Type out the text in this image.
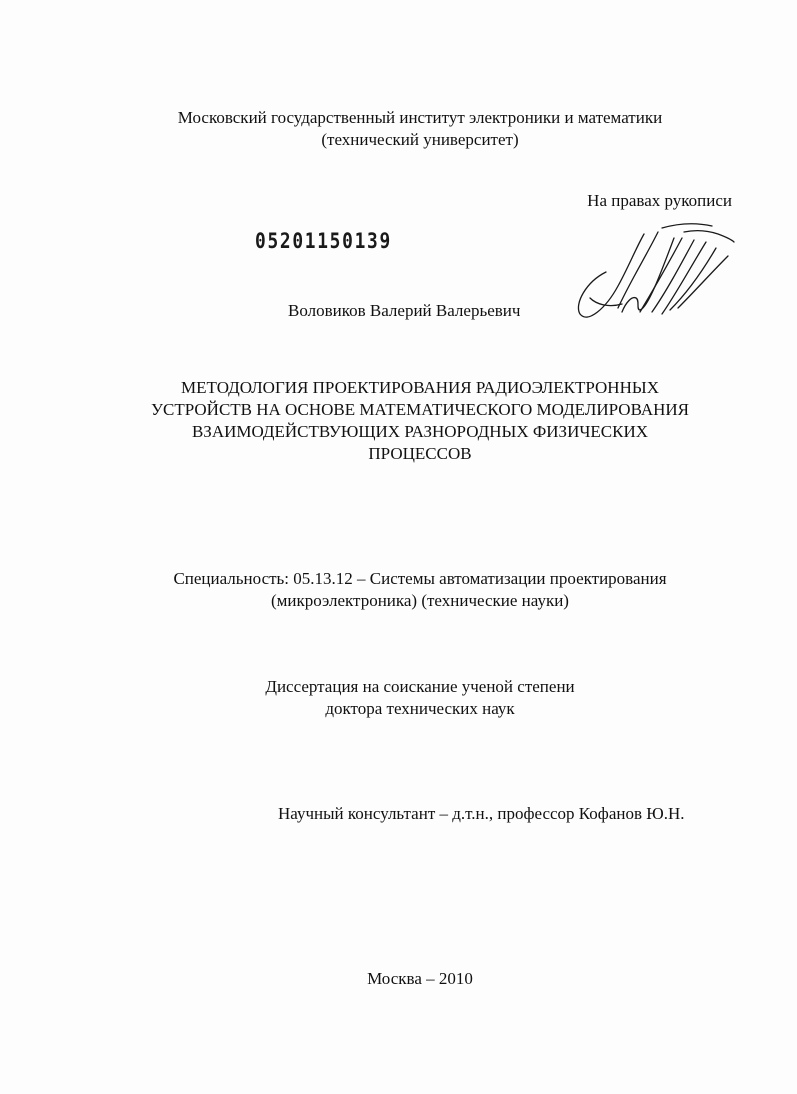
Московский государственный институт электроники и математики
(технический университет)
На правах рукописи
05201150139
Воловиков Валерий Валерьевич
МЕТОДОЛОГИЯ ПРОЕКТИРОВАНИЯ РАДИОЭЛЕКТРОННЫХ
УСТРОЙСТВ НА ОСНОВЕ МАТЕМАТИЧЕСКОГО МОДЕЛИРОВАНИЯ
ВЗАИМОДЕЙСТВУЮЩИХ РАЗНОРОДНЫХ ФИЗИЧЕСКИХ
ПРОЦЕССОВ
Специальность: 05.13.12 – Системы автоматизации проектирования
(микроэлектроника) (технические науки)
Диссертация на соискание ученой степени
доктора технических наук
Научный консультант – д.т.н., профессор Кофанов Ю.Н.
Москва – 2010
